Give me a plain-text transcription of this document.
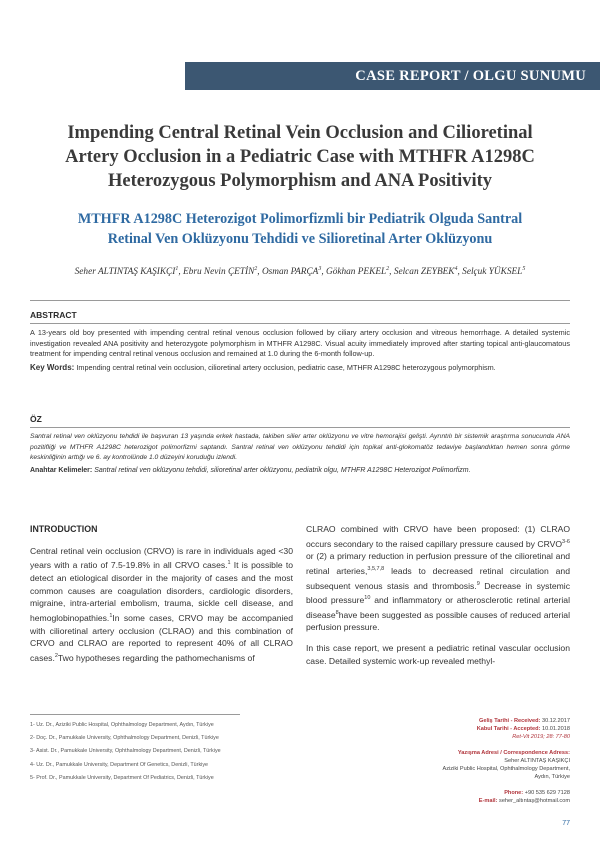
CASE REPORT / OLGU SUNUMU
Impending Central Retinal Vein Occlusion and Cilioretinal
Artery Occlusion in a Pediatric Case with MTHFR A1298C
Heterozygous Polymorphism and ANA Positivity
MTHFR A1298C Heterozigot Polimorfizmli bir Pediatrik Olguda Santral
Retinal Ven Oklüzyonu Tehdidi ve Silioretinal Arter Oklüzyonu
Seher ALTINTAŞ KAŞIKÇI$^1$, Ebru Nevin ÇETİN$^2$, Osman PARÇA$^3$, Gökhan PEKEL$^2$, Selcan ZEYBEK$^4$, Selçuk YÜKSEL$^5$
ABSTRACT
A 13-years old boy presented with impending central retinal venous occlusion followed by ciliary artery occlusion and vitreous hemorrhage. A detailed systemic investigation revealed ANA positivity and heterozygote polymorphism in MTHFR A1298C. Visual acuity immediately improved after starting topical anti-glaucomatous treatment for impending central retinal venous occlusion and remained at 1.0 during the 6-month follow-up.
Key Words: Impending central retinal vein occlusion, cilioretinal artery occlusion, pediatric case, MTHFR A1298C heterozygous polymorphism.
ÖZ
Santral retinal ven oklüzyonu tehdidi ile başvuran 13 yaşında erkek hastada, takiben silier arter oklüzyonu ve vitre hemorajisi gelişti. Ayrıntılı bir sistemik araştırma sonucunda ANA pozitifliği ve MTHFR A1298C heterozigot polimorfizmi saptandı. Santral retinal ven oklüzyonu tehdidi için topikal anti-glokomatöz tedaviye başlandıktan hemen sonra görme keskinliğinin arttığı ve 6. ay kontrolünde 1.0 düzeyini koruduğu izlendi.
Anahtar Kelimeler: Santral retinal ven oklüzyonu tehdidi, silioretinal arter oklüzyonu, pediatrik olgu, MTHFR A1298C Heterozigot Polimorfizm.
INTRODUCTION

Central retinal vein occlusion (CRVO) is rare in individuals aged <30 years with a ratio of 7.5-19.8% in all CRVO cases.$^1$ It is possible to detect an etiological disorder in the majority of cases and the most common causes are coagulation disorders, cardiologic disorders, migraine, intra-arterial embolism, trauma, sickle cell disease, and hemoglobinopathies.$^1$In some cases, CRVO may be accompanied with cilioretinal artery occlusion (CLRAO) and this combination of CRVO and CLRAO are reported to represent 40% of all CLRAO cases.$^2$Two hypotheses regarding the pathomechanisms of

CLRAO combined with CRVO have been proposed: (1) CLRAO occurs secondary to the raised capillary pressure caused by CRVO$^{3-6}$ or (2) a primary reduction in perfusion pressure of the cilioretinal and retinal arteries,$^{3,5,7,8}$ leads to decreased retinal circulation and subsequent venous stasis and thrombosis.$^9$ Decrease in systemic blood pressure$^{10}$ and inflammatory or atherosclerotic retinal arterial disease$^8$have been suggested as possible causes of reduced arterial perfusion pressure.

In this case report, we present a pediatric retinal vascular occlusion case. Detailed systemic work-up revealed methyl-

1- Uz. Dr., Aziziki Public Hospital, Ophthalmology Department, Aydın, Türkiye
2- Doç. Dr., Pamukkale University, Ophthalmology Department, Denizli, Türkiye
3- Asist. Dr., Pamukkale University, Ophthalmology Department, Denizli, Türkiye
4- Uz. Dr., Pamukkale University, Department Of Genetics, Denizli, Türkiye
5- Prof. Dr., Pamukkale University, Department Of Pediatrics, Denizli, Türkiye
Geliş Tarihi - Received: 30.12.2017
Kabul Tarihi - Accepted: 10.01.2018
Ret-Vit 2019; 28: 77-80
Yazışma Adresi / Correspondence Adress:
Seher ALTINTAŞ KAŞIKÇI
Aziziki Public Hospital, Ophthalmology Department,
Aydın, Türkiye
Phone: +90 535 629 7128
E-mail: seher_altıntaş@hotmail.com
77
